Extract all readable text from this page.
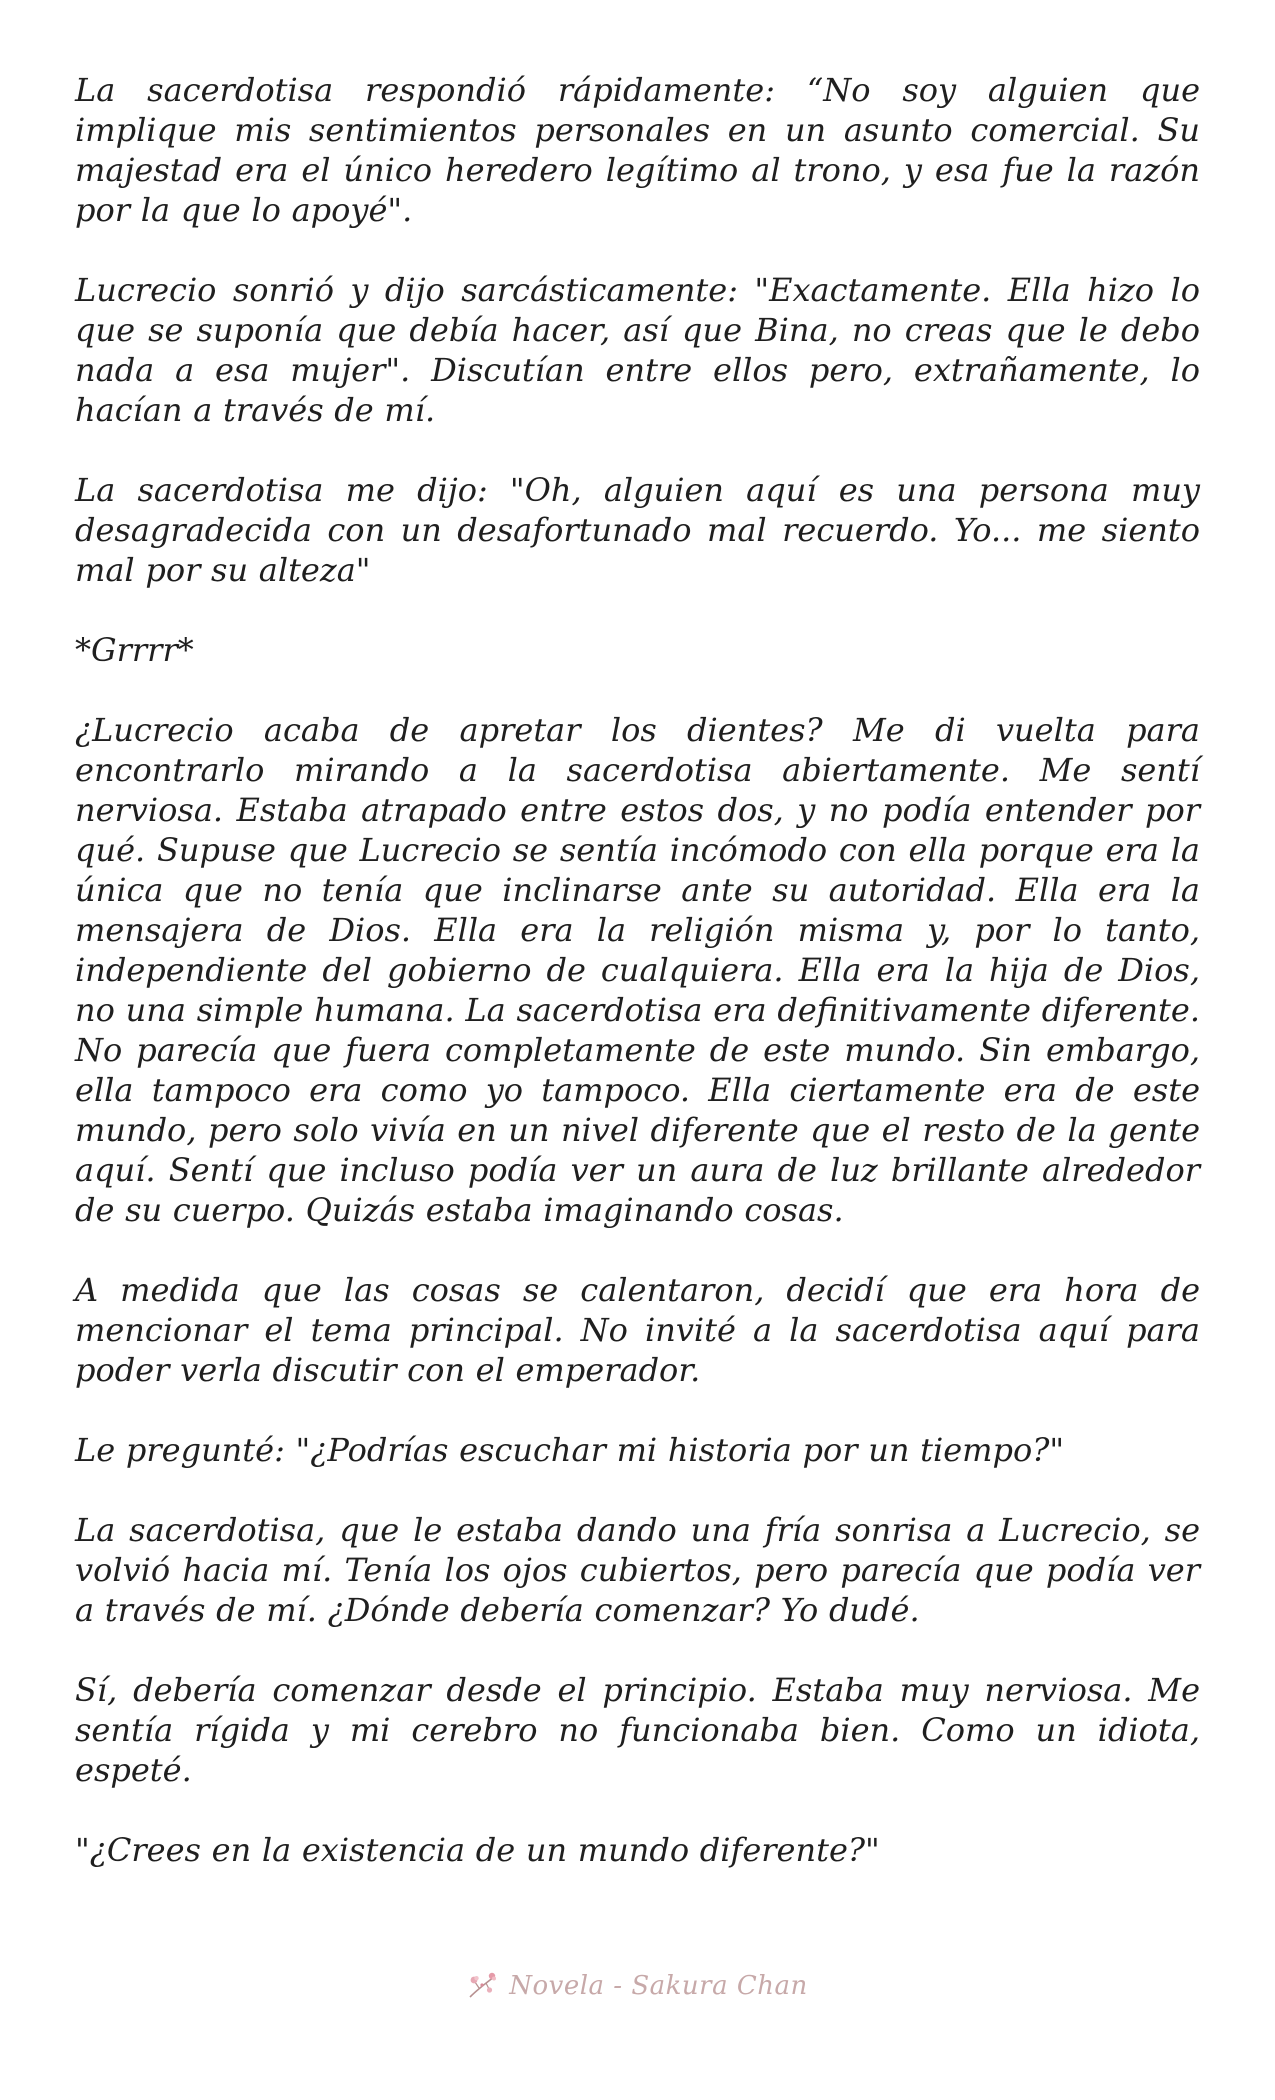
La sacerdotisa respondió rápidamente: “No soy alguien que implique mis sentimientos personales en un asunto comercial. Su majestad era el único heredero legítimo al trono, y esa fue la razón por la que lo apoyé".

Lucrecio sonrió y dijo sarcásticamente: "Exactamente. Ella hizo lo que se suponía que debía hacer, así que Bina, no creas que le debo nada a esa mujer". Discutían entre ellos pero, extrañamente, lo hacían a través de mí.

La sacerdotisa me dijo: "Oh, alguien aquí es una persona muy desagradecida con un desafortunado mal recuerdo. Yo... me siento mal por su alteza"

*Grrrr*

¿Lucrecio acaba de apretar los dientes? Me di vuelta para encontrarlo mirando a la sacerdotisa abiertamente. Me sentí nerviosa. Estaba atrapado entre estos dos, y no podía entender por qué. Supuse que Lucrecio se sentía incómodo con ella porque era la única que no tenía que inclinarse ante su autoridad. Ella era la mensajera de Dios. Ella era la religión misma y, por lo tanto, independiente del gobierno de cualquiera. Ella era la hija de Dios, no una simple humana. La sacerdotisa era definitivamente diferente. No parecía que fuera completamente de este mundo. Sin embargo, ella tampoco era como yo tampoco. Ella ciertamente era de este mundo, pero solo vivía en un nivel diferente que el resto de la gente aquí. Sentí que incluso podía ver un aura de luz brillante alrededor de su cuerpo. Quizás estaba imaginando cosas.

A medida que las cosas se calentaron, decidí que era hora de mencionar el tema principal. No invité a la sacerdotisa aquí para poder verla discutir con el emperador.

Le pregunté: "¿Podrías escuchar mi historia por un tiempo?"

La sacerdotisa, que le estaba dando una fría sonrisa a Lucrecio, se volvió hacia mí. Tenía los ojos cubiertos, pero parecía que podía ver a través de mí. ¿Dónde debería comenzar? Yo dudé.

Sí, debería comenzar desde el principio. Estaba muy nerviosa. Me sentía rígida y mi cerebro no funcionaba bien. Como un idiota, espeté.

"¿Crees en la existencia de un mundo diferente?"

Novela - Sakura Chan
